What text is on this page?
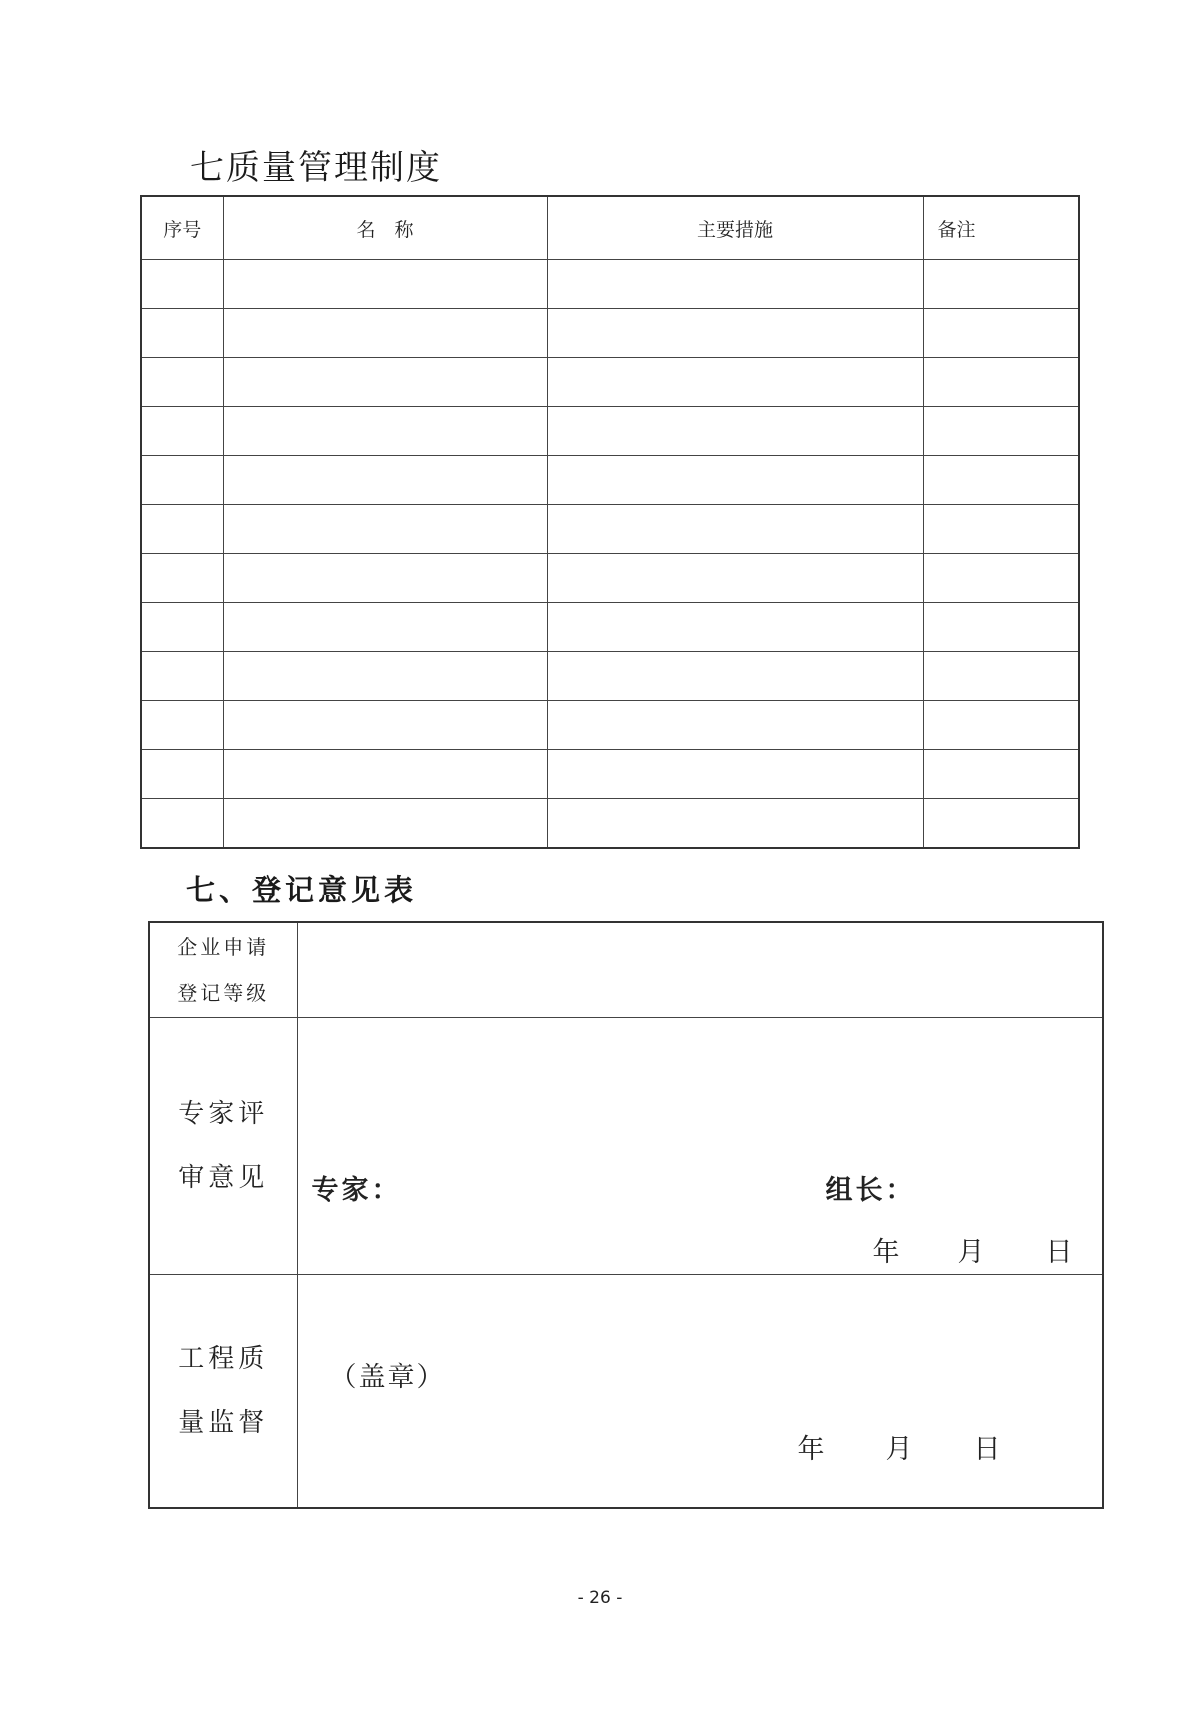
七质量管理制度
序号	名　称	主要措施	备注

七、登记意见表
企业申请登记等级	
专家评审意见	专家： 组长：
年 月 日

工程质量监督	（盖章）
年 月 日
- 26 -
